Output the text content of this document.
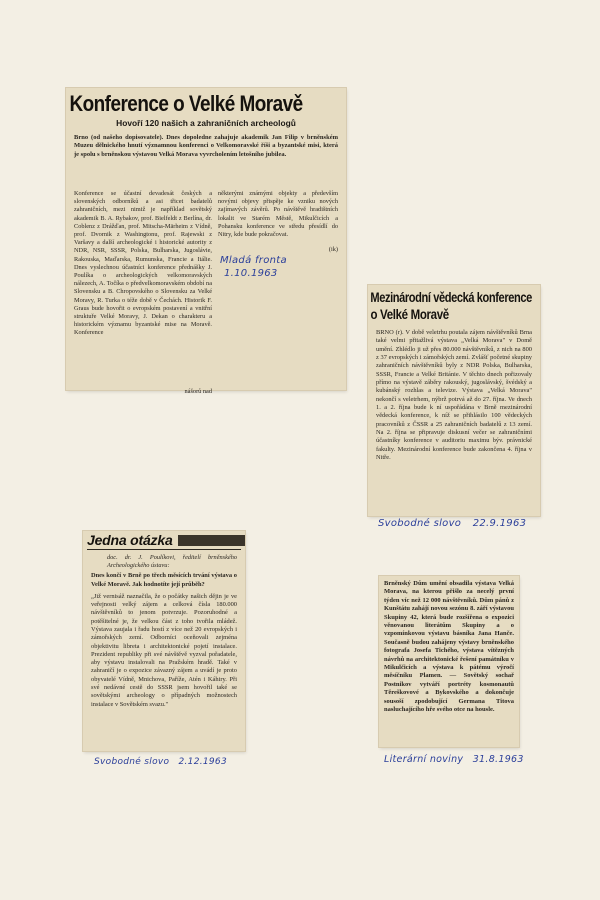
Konference o Velké Moravě
Hovoří 120 našich a zahraničních archeologů
Brno (od našeho dopisovatele). Dnes dopoledne zahajuje akademik Jan Filip v brněnském Muzeu dělnického hnutí významnou konferenci o Velkomoravské říši a byzantské misi, která je spolu s brněnskou výstavou Velká Morava vyvrcholením letošního jubilea.
Konference se účastní devadesát českých a slovenských odborníků a asi třicet badatelů zahraničních, mezi nimiž je například sovětský akademik B. A. Rybakov, prof. Bielfeldt z Berlína, dr. Coblenz z Drážďan, prof. Mitscha-Märheim z Vídně, prof. Dvornik z Washingtonu, prof. Rajewski z Varšavy a další archeologické i historické autority z NDR, NSR, SSSR, Polska, Bulharska, Jugoslávie, Rakouska, Maďarska, Rumunska, Francie a Itálie. Dnes vyslechnou účastníci konference přednášky J. Poulíka o archeologických velkomoravských nálezech, A. Točíka o předvelkomoravském období na Slovensku a B. Chropovského o Slovensku za Velké Moravy, R. Turka o téže době v Čechách. Historik F. Graus bude hovořit o evropském postavení a vnitřní struktuře Velké Moravy, J. Dekan o charakteru a historickém významu byzantské mise na Moravě. Konference
nášorů nad
některými známými objekty a především novými objevy přispěje ke vzniku nových zajímavých závěrů. Po návštěvě hradištních lokalit ve Starém Městě, Mikulčicích a Pohansku konference ve středu přesídlí do Nitry, kde bude pokračovat.
(ik)
Mladá fronta
1.10.1963
Mezinárodní vědecká konference
o Velké Moravě
BRNO (r). V době veletrhu poutala zájem návštěvníků Brna také velmi přitažlivá výstava „Velká Morava" v Domě umění. Zhlédlo ji už přes 80.000 návštěvníků, z nich na 800 z 37 evropských i zámořských zemí. Zvlášť početné skupiny zahraničních návštěvníků byly z NDR Polska, Bulharska, SSSR, Francie a Velké Británie. V těchto dnech pořizovaly přímo na výstavě záběry rakouský, jugoslávský, švédský a kubánský rozhlas a televize. Výstava „Velká Morava" nekončí s veletrhem, nýbrž potrvá až do 27. října. Ve dnech 1. a 2. října bude k ní uspořádána v Brně mezinárodní vědecká konference, k níž se přihlásilo 100 vědeckých pracovníků z ČSSR a 25 zahraničních badatelů z 13 zemí. Na 2. října se připravuje diskusní večer se zahraničními účastníky konference v auditoriu maximu býv. právnické fakulty. Mezinárodní konference bude zakončena 4. října v Nitře.
Svobodné slovo 22.9.1963
Jedna otázka
doc. dr. J. Poulíkovi, ředitelí brněnského Archeologického ústavu:
Dnes končí v Brně po třech měsících trvání výstava o Velké Moravě. Jak hodnotíte její průběh?
„Již vernisáž naznačila, že o počátky našich dějin je ve veřejnosti velký zájem a celková čísla 180.000 návštěvníků to jenom potvrzuje. Pozoruhodné a potěšitelné je, že velkou část z toho tvořila mládež. Výstava zaujala i řadu hostí z více než 20 evropských i zámořských zemí. Odborníci oceňovali zejména objektivitu libreta i architektonické pojetí instalace. Prezident republiky při své návštěvě vyzval pořadatele, aby výstavu instalovali na Pražském hradě. Také v zahraničí je o expozice závazný zájem a uvádí je proto obyvatelé Vídně, Mnichova, Paříže, Atén i Káhiry. Při své nedávné cestě do SSSR jsem hovořil také se sovětskými archeology o případných možnostech instalace v Sovětském svazu."
Svobodné slovo 2.12.1963
Brněnský Dům umění obsadila výstava Velká Morava, na kterou přišlo za necelý první týden víc než 12 000 návštěvníků. Dům pánů z Kunštátu zahájí novou sezónu 8. září výstavou Skupiny 42, která bude rozšířena o expozici věnovanou literátům Skupiny a o vzpomínkovou výstavu básníka Jana Hanče. Současně budou zahájeny výstavy brněnského fotografa Josefa Tichého, výstava vítězných návrhů na architektonické řešení památníku v Mikulčicích a výstava k pátému výročí měsíčníku Plamen. — Sovětský sochař Postnikov vytváří portréty kosmonautů Těreškovové a Bykovského a dokončuje sousoší zpodobující Germana Titova nasluchajícího hře svého otce na housle.
Literární noviny 31.8.1963
